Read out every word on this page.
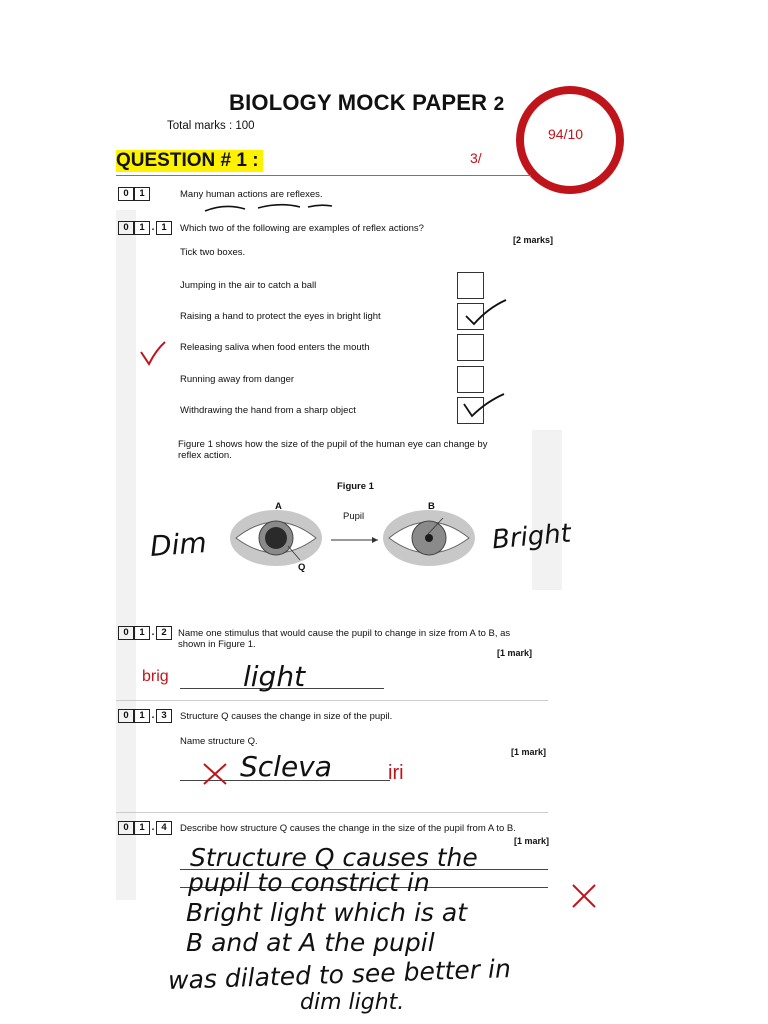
BIOLOGY MOCK PAPER 2
Total marks : 100	94/10
QUESTION # 1 :	3/
0	1	Many human actions are reflexes.
0	1 . 1	Which two of the following are examples of reflex actions?
[2 marks]
Tick two boxes.
Jumping in the air to catch a ball
Raising a hand to protect the eyes in bright light
Releasing saliva when food enters the mouth
Running away from danger
Withdrawing the hand from a sharp object
Figure 1 shows how the size of the pupil of the human eye can change by reflex action.
Figure 1
A	B
Pupil
Q
Dim	Bright
0	1 . 2	Name one stimulus that would cause the pupil to change in size from A to B, as shown in Figure 1.
[1 mark]
brig	light
0	1 . 3	Structure Q causes the change in size of the pupil.
Name structure Q.
[1 mark]
Scleva	iri
0	1 . 4	Describe how structure Q causes the change in the size of the pupil from A to B.
[1 mark]
Structure Q causes the
pupil to constrict in
Bright light which is at
B and at A the pupil
was dilated to see better in
dim light.
